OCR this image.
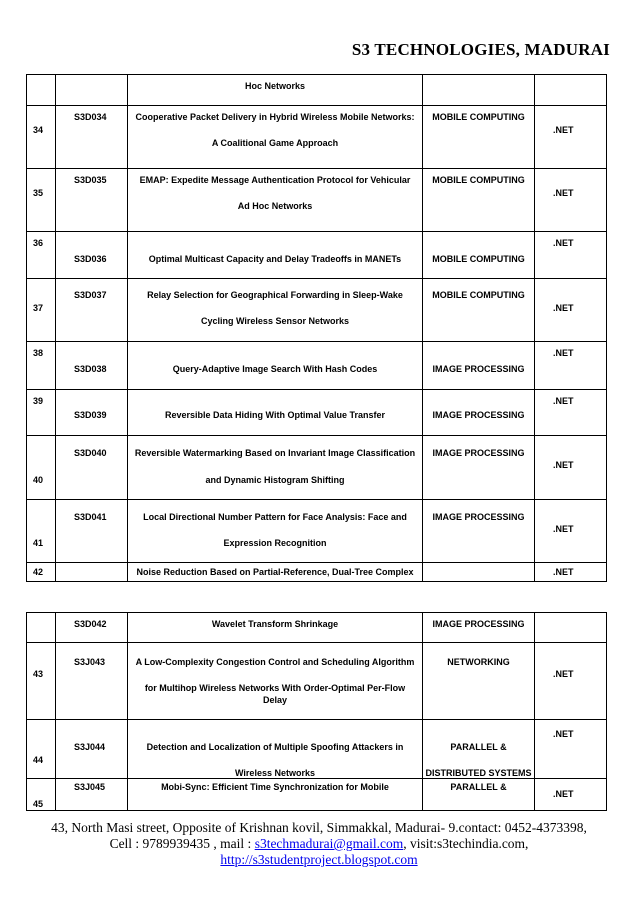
S3 TECHNOLOGIES, MADURAI

		Hoc Networks		

34	S3D034	Cooperative Packet Delivery in Hybrid Wireless Mobile Networks:
A Coalitional Game Approach	MOBILE COMPUTING	.NET

35	S3D035	EMAP: Expedite Message Authentication Protocol for Vehicular
Ad Hoc Networks	MOBILE COMPUTING	.NET

36	S3D036	Optimal Multicast Capacity and Delay Tradeoffs in MANETs	MOBILE COMPUTING	.NET

37	S3D037	Relay Selection for Geographical Forwarding in Sleep-Wake
Cycling Wireless Sensor Networks	MOBILE COMPUTING	.NET

38	S3D038	Query-Adaptive Image Search With Hash Codes	IMAGE PROCESSING	.NET

39	S3D039	Reversible Data Hiding With Optimal Value Transfer	IMAGE PROCESSING	.NET

40	S3D040	Reversible Watermarking Based on Invariant Image Classification
and Dynamic Histogram Shifting	IMAGE PROCESSING	.NET

41	S3D041	Local Directional Number Pattern for Face Analysis: Face and
Expression Recognition	IMAGE PROCESSING	.NET

42		Noise Reduction Based on Partial-Reference, Dual-Tree Complex		.NET

	S3D042	Wavelet Transform Shrinkage	IMAGE PROCESSING	

43	S3J043	A Low-Complexity Congestion Control and Scheduling Algorithm
for Multihop Wireless Networks With Order-Optimal Per-Flow
Delay	NETWORKING	.NET

44	S3J044	Detection and Localization of Multiple Spoofing Attackers in
Wireless Networks	PARALLEL &
DISTRIBUTED SYSTEMS	.NET

45	S3J045	Mobi-Sync: Efficient Time Synchronization for Mobile	PARALLEL &	.NET
43, North Masi street, Opposite of Krishnan kovil, Simmakkal, Madurai- 9.contact: 0452-4373398,
Cell : 9789939435 , mail : s3techmadurai@gmail.com, visit:s3techindia.com,
http://s3studentproject.blogspot.com
